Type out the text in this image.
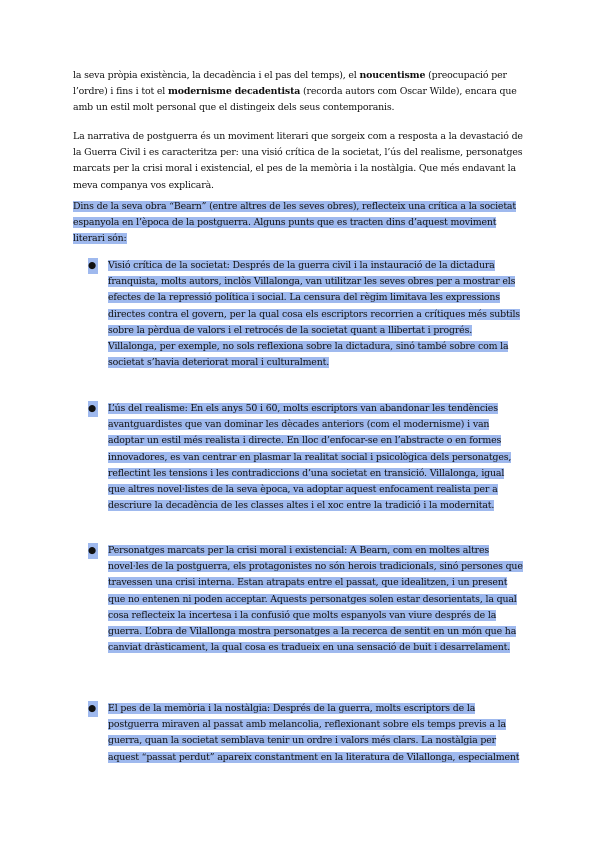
la seva pròpia existència, la decadència i el pas del temps), el noucentisme (preocupació per l’ordre) i fins i tot el modernisme decadentista (recorda autors com Oscar Wilde), encara que amb un estil molt personal que el distingeix dels seus contemporanis.

La narrativa de postguerra és un moviment literari que sorgeix com a resposta a la devastació de la Guerra Civil i es caracteritza per: una visió crítica de la societat, l’ús del realisme, personatges marcats per la crisi moral i existencial, el pes de la memòria i la nostàlgia. Que més endavant la meva companya vos explicarà.

Dins de la seva obra “Bearn” (entre altres de les seves obres), reflecteix una crítica a la societat espanyola en l’època de la postguerra. Alguns punts que es tracten dins d’aquest moviment literari són:

● Visió crítica de la societat: Després de la guerra civil i la instauració de la dictadura franquista, molts autors, inclòs Villalonga, van utilitzar les seves obres per a mostrar els efectes de la repressió política i social. La censura del règim limitava les expressions directes contra el govern, per la qual cosa els escriptors recorrien a crítiques més subtils sobre la pèrdua de valors i el retrocés de la societat quant a llibertat i progrés. Villalonga, per exemple, no sols reflexiona sobre la dictadura, sinó també sobre com la societat s’havia deteriorat moral i culturalment.
● L’ús del realisme: En els anys 50 i 60, molts escriptors van abandonar les tendències avantguardistes que van dominar les dècades anteriors (com el modernisme) i van adoptar un estil més realista i directe. En lloc d’enfocar-se en l’abstracte o en formes innovadores, es van centrar en plasmar la realitat social i psicològica dels personatges, reflectint les tensions i les contradiccions d’una societat en transició. Villalonga, igual que altres novel·listes de la seva època, va adoptar aquest enfocament realista per a descriure la decadència de les classes altes i el xoc entre la tradició i la modernitat.
● Personatges marcats per la crisi moral i existencial: A Bearn, com en moltes altres novel·les de la postguerra, els protagonistes no són herois tradicionals, sinó persones que travessen una crisi interna. Estan atrapats entre el passat, que idealitzen, i un present que no entenen ni poden acceptar. Aquests personatges solen estar desorientats, la qual cosa reflecteix la incertesa i la confusió que molts espanyols van viure després de la guerra. L’obra de Vilallonga mostra personatges a la recerca de sentit en un món que ha canviat dràsticament, la qual cosa es tradueix en una sensació de buit i desarrelament.
● El pes de la memòria i la nostàlgia: Després de la guerra, molts escriptors de la postguerra miraven al passat amb melancolia, reflexionant sobre els temps previs a la guerra, quan la societat semblava tenir un ordre i valors més clars. La nostàlgia per aquest “passat perdut” apareix constantment en la literatura de Vilallonga, especialment
